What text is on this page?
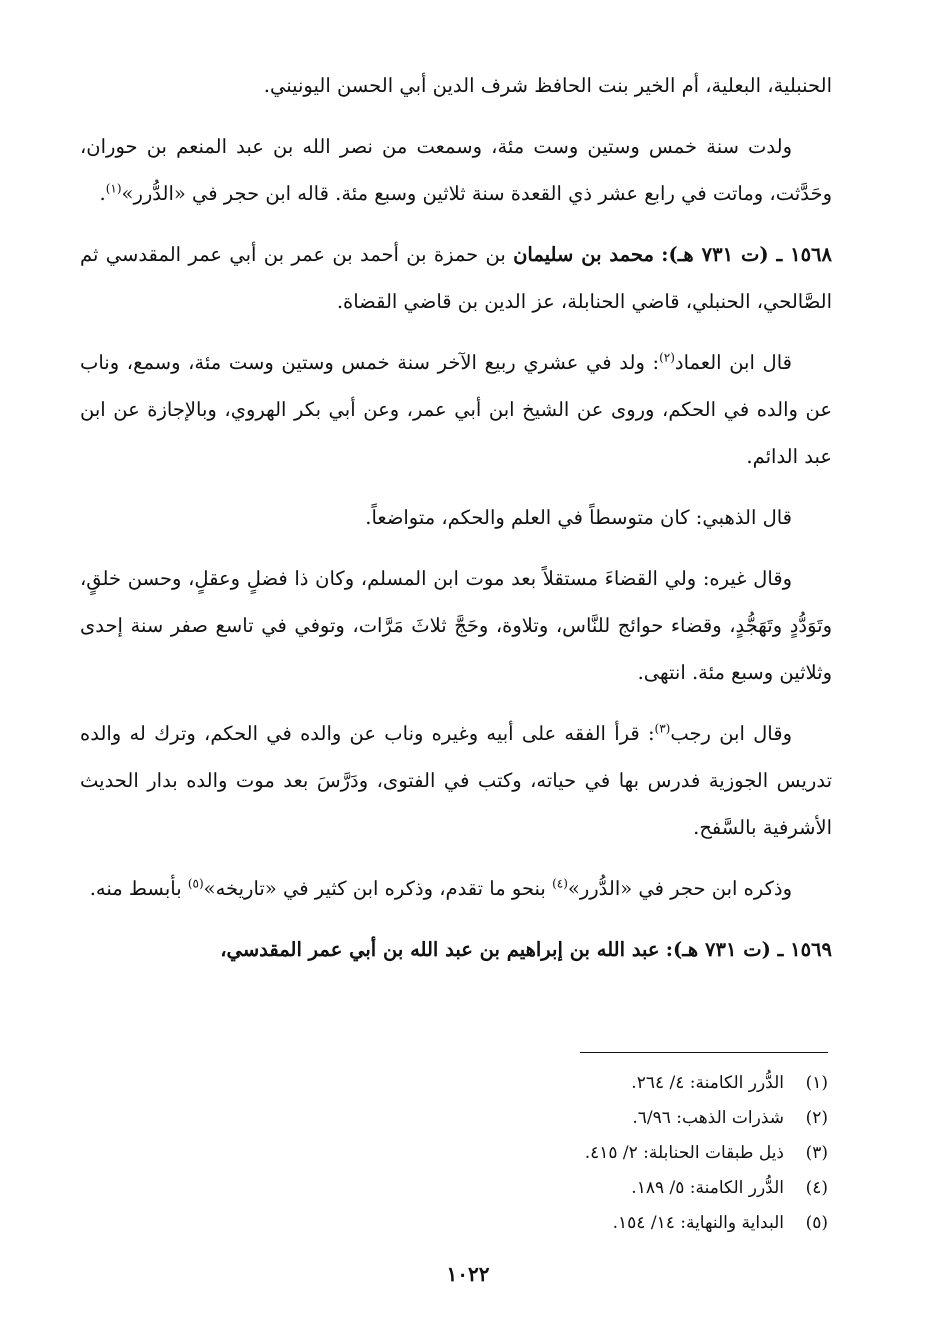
الحنبلية، البعلية، أم الخير بنت الحافظ شرف الدين أبي الحسن اليونيني.

ولدت سنة خمس وستين وست مئة، وسمعت من نصر الله بن عبد المنعم بن حوران، وحَدَّثت، وماتت في رابع عشر ذي القعدة سنة ثلاثين وسبع مئة. قاله ابن حجر في «الدُّرر»$^{(١)}$.

١٥٦٨ ـ (ت ٧٣١ هـ): محمد بن سليمان بن حمزة بن أحمد بن عمر بن أبي عمر المقدسي ثم الصَّالحي، الحنبلي، قاضي الحنابلة، عز الدين بن قاضي القضاة.

قال ابن العماد$^{(٢)}$: ولد في عشري ربيع الآخر سنة خمس وستين وست مئة، وسمع، وناب عن والده في الحكم، وروى عن الشيخ ابن أبي عمر، وعن أبي بكر الهروي، وبالإجازة عن ابن عبد الدائم.

قال الذهبي: كان متوسطاً في العلم والحكم، متواضعاً.

وقال غيره: ولي القضاءَ مستقلاً بعد موت ابن المسلم، وكان ذا فضلٍ وعقلٍ، وحسن خلقٍ، وتَوَدُّدٍ وتَهَجُّدٍ، وقضاء حوائج للنَّاس، وتلاوة، وحَجَّ ثلاثَ مَرَّات، وتوفي في تاسع صفر سنة إحدى وثلاثين وسبع مئة. انتهى.

وقال ابن رجب$^{(٣)}$: قرأ الفقه على أبيه وغيره وناب عن والده في الحكم، وترك له والده تدريس الجوزية فدرس بها في حياته، وكتب في الفتوى، ودَرَّسَ بعد موت والده بدار الحديث الأشرفية بالسَّفح.

وذكره ابن حجر في «الدُّرر»$^{(٤)}$ بنحو ما تقدم، وذكره ابن كثير في «تاريخه»$^{(٥)}$ بأبسط منه.

١٥٦٩ ـ (ت ٧٣١ هـ): عبد الله بن إبراهيم بن عبد الله بن أبي عمر المقدسي،

(١)الدُّرر الكامنة: ٤/ ٢٦٤.
(٢)شذرات الذهب: ٦/٩٦.
(٣)ذيل طبقات الحنابلة: ٢/ ٤١٥.
(٤)الدُّرر الكامنة: ٥/ ١٨٩.
(٥)البداية والنهاية: ١٤/ ١٥٤.
١٠٢٢
